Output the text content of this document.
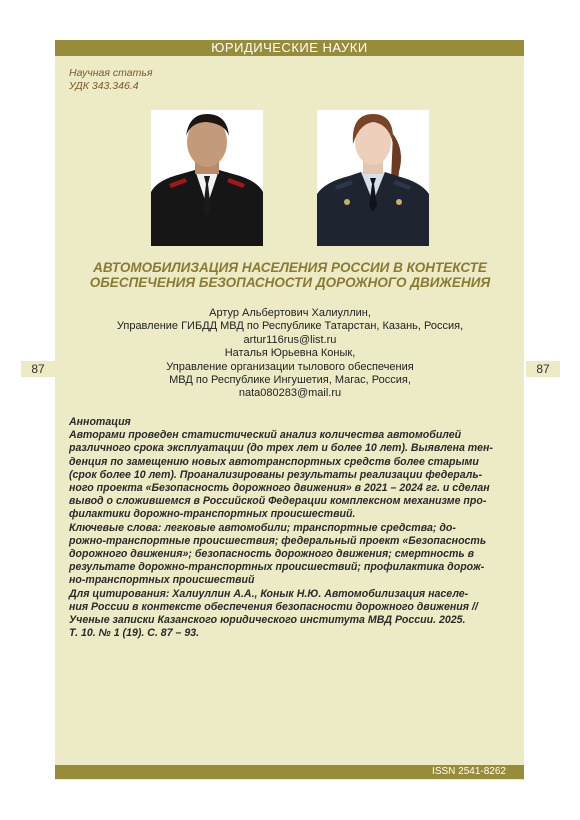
ЮРИДИЧЕСКИЕ НАУКИ
Научная статья
УДК 343.346.4
87	87
АВТОМОБИЛИЗАЦИЯ НАСЕЛЕНИЯ РОССИИ В КОНТЕКСТЕ
ОБЕСПЕЧЕНИЯ БЕЗОПАСНОСТИ ДОРОЖНОГО ДВИЖЕНИЯ
Артур Альбертович Халиуллин,
Управление ГИБДД МВД по Республике Татарстан, Казань, Россия,
artur116rus@list.ru
Наталья Юрьевна Конык,
Управление организации тылового обеспечения
МВД по Республике Ингушетия, Магас, Россия,
nata080283@mail.ru

Аннотация

Авторами проведен статистический анализ количества автомобилей

различного срока эксплуатации (до трех лет и более 10 лет). Выявлена тен-

денция по замещению новых автотранспортных средств более старыми

(срок более 10 лет). Проанализированы результаты реализации федераль-

ного проекта «Безопасность дорожного движения» в 2021 – 2024 гг. и сделан

вывод о сложившемся в Российской Федерации комплексном механизме про-

филактики дорожно-транспортных происшествий.

Ключевые слова: легковые автомобили; транспортные средства; до-

рожно-транспортные происшествия; федеральный проект «Безопасность

дорожного движения»; безопасность дорожного движения; смертность в

результате дорожно-транспортных происшествий; профилактика дорож-

но-транспортных происшествий

Для цитирования: Халиуллин А.А., Конык Н.Ю. Автомобилизация населе-

ния России в контексте обеспечения безопасности дорожного движения //

Ученые записки Казанского юридического института МВД России. 2025.

Т. 10. № 1 (19). С. 87 – 93.

ISSN 2541-8262
